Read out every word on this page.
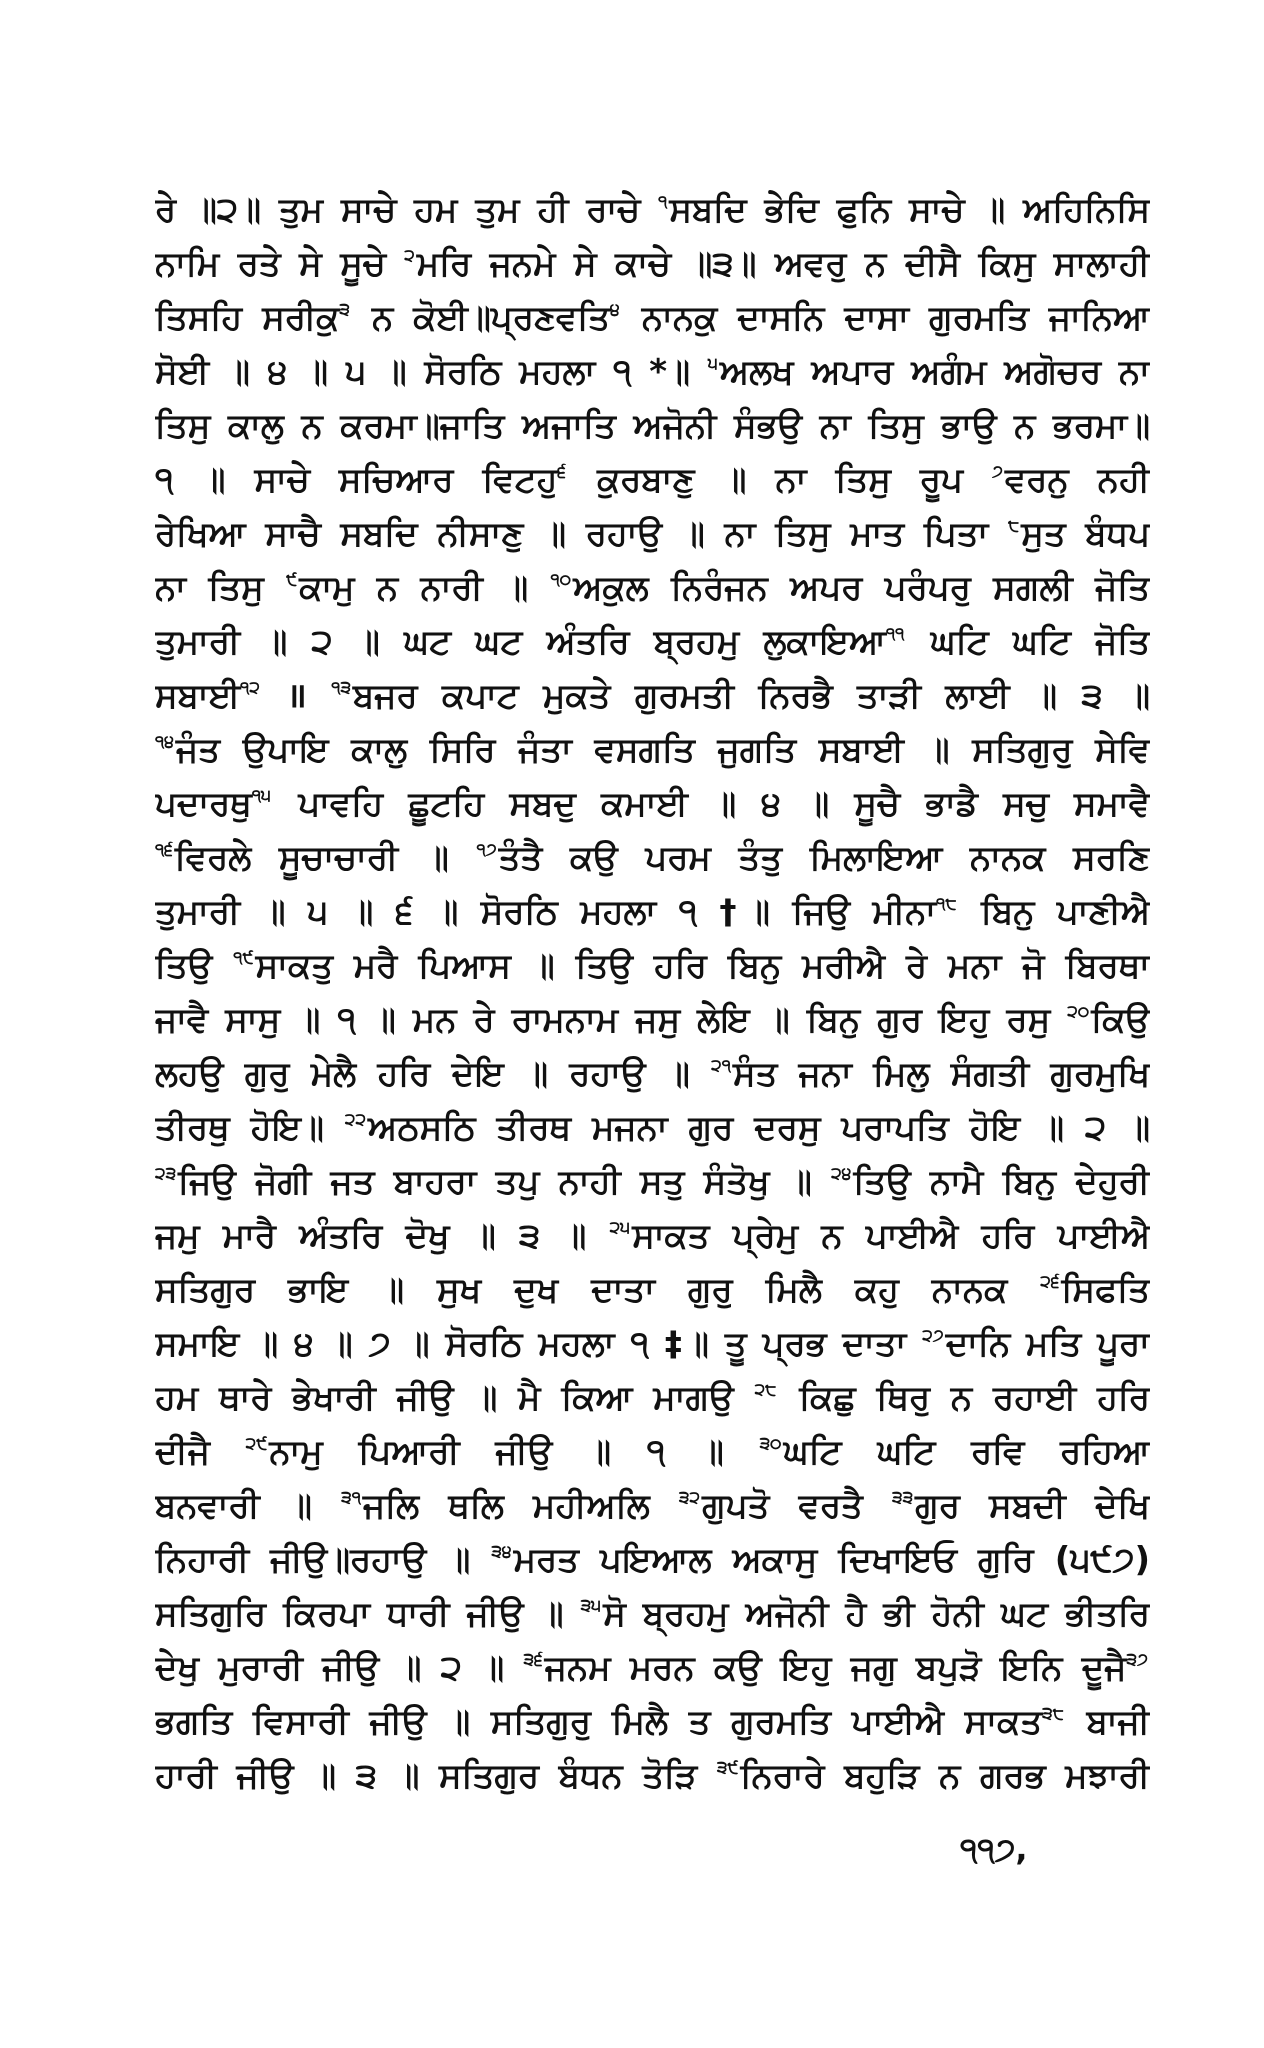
ਰੇ ॥੨॥ ਤੁਮ ਸਾਚੇ ਹਮ ਤੁਮ ਹੀ ਰਾਚੇ $^੧$ਸਬਦਿ ਭੇਦਿ ਫੁਨਿ ਸਾਚੇ ॥ ਅਹਿਨਿਸਿ
ਨਾਮਿ ਰਤੇ ਸੇ ਸੂਚੇ $^੨$ਮਰਿ ਜਨਮੇ ਸੇ ਕਾਚੇ ॥੩॥ ਅਵਰੁ ਨ ਦੀਸੈ ਕਿਸੁ ਸਾਲਾਹੀ
ਤਿਸਹਿ ਸਰੀਕੁ$^੩$ ਨ ਕੋਈ॥ਪ੍ਰਣਵਤਿ$^੪$ ਨਾਨਕੁ ਦਾਸਨਿ ਦਾਸਾ ਗੁਰਮਤਿ ਜਾਨਿਆ
ਸੋਈ ॥ ੪ ॥ ੫ ॥ ਸੋਰਠਿ ਮਹਲਾ ੧ *॥ $^੫$ਅਲਖ ਅਪਾਰ ਅਗੰਮ ਅਗੋਚਰ ਨਾ
ਤਿਸੁ ਕਾਲੁ ਨ ਕਰਮਾ॥ਜਾਤਿ ਅਜਾਤਿ ਅਜੋਨੀ ਸੰਭਉ ਨਾ ਤਿਸੁ ਭਾਉ ਨ ਭਰਮਾ॥
੧ ॥ ਸਾਚੇ ਸਚਿਆਰ ਵਿਟਹੁ$^੬$ ਕੁਰਬਾਣੁ ॥ ਨਾ ਤਿਸੁ ਰੂਪ $^੭$ਵਰਨੁ ਨਹੀ
ਰੇਖਿਆ ਸਾਚੈ ਸਬਦਿ ਨੀਸਾਣੁ ॥ ਰਹਾਉ ॥ ਨਾ ਤਿਸੁ ਮਾਤ ਪਿਤਾ $^੮$ਸੁਤ ਬੰਧਪ
ਨਾ ਤਿਸੁ $^੯$ਕਾਮੁ ਨ ਨਾਰੀ ॥ $^{੧੦}$ਅਕੁਲ ਨਿਰੰਜਨ ਅਪਰ ਪਰੰਪਰੁ ਸਗਲੀ ਜੋਤਿ
ਤੁਮਾਰੀ ॥ ੨ ॥ ਘਟ ਘਟ ਅੰਤਰਿ ਬ੍ਰਹਮੁ ਲੁਕਾਇਆ$^{੧੧}$ ਘਟਿ ਘਟਿ ਜੋਤਿ
ਸਬਾਈ$^{੧੨}$ ॥ $^{੧੩}$ਬਜਰ ਕਪਾਟ ਮੁਕਤੇ ਗੁਰਮਤੀ ਨਿਰਭੈ ਤਾੜੀ ਲਾਈ ॥ ੩ ॥
$^{੧੪}$ਜੰਤ ਉਪਾਇ ਕਾਲੁ ਸਿਰਿ ਜੰਤਾ ਵਸਗਤਿ ਜੁਗਤਿ ਸਬਾਈ ॥ ਸਤਿਗੁਰੁ ਸੇਵਿ
ਪਦਾਰਥੁ$^{੧੫}$ ਪਾਵਹਿ ਛੂਟਹਿ ਸਬਦੁ ਕਮਾਈ ॥ ੪ ॥ ਸੂਚੈ ਭਾਡੈ ਸਚੁ ਸਮਾਵੈ
$^{੧੬}$ਵਿਰਲੇ ਸੂਚਾਚਾਰੀ ॥ $^{੧੭}$ਤੰਤੈ ਕਉ ਪਰਮ ਤੰਤੁ ਮਿਲਾਇਆ ਨਾਨਕ ਸਰਣਿ
ਤੁਮਾਰੀ ॥ ੫ ॥ ੬ ॥ ਸੋਰਠਿ ਮਹਲਾ ੧ †॥ ਜਿਉ ਮੀਨਾ$^{੧੮}$ ਬਿਨੁ ਪਾਣੀਐ
ਤਿਉ $^{੧੯}$ਸਾਕਤੁ ਮਰੈ ਪਿਆਸ ॥ ਤਿਉ ਹਰਿ ਬਿਨੁ ਮਰੀਐ ਰੇ ਮਨਾ ਜੋ ਬਿਰਥਾ
ਜਾਵੈ ਸਾਸੁ ॥ ੧ ॥ ਮਨ ਰੇ ਰਾਮਨਾਮ ਜਸੁ ਲੇਇ ॥ ਬਿਨੁ ਗੁਰ ਇਹੁ ਰਸੁ $^{੨੦}$ਕਿਉ
ਲਹਉ ਗੁਰੁ ਮੇਲੈ ਹਰਿ ਦੇਇ ॥ ਰਹਾਉ ॥ $^{੨੧}$ਸੰਤ ਜਨਾ ਮਿਲੁ ਸੰਗਤੀ ਗੁਰਮੁਖਿ
ਤੀਰਥੁ ਹੋਇ॥ $^{੨੨}$ਅਠਸਠਿ ਤੀਰਥ ਮਜਨਾ ਗੁਰ ਦਰਸੁ ਪਰਾਪਤਿ ਹੋਇ ॥ ੨ ॥
$^{੨੩}$ਜਿਉ ਜੋਗੀ ਜਤ ਬਾਹਰਾ ਤਪੁ ਨਾਹੀ ਸਤੁ ਸੰਤੋਖੁ ॥ $^{੨੪}$ਤਿਉ ਨਾਮੈ ਬਿਨੁ ਦੇਹੁਰੀ
ਜਮੁ ਮਾਰੈ ਅੰਤਰਿ ਦੋਖੁ ॥ ੩ ॥ $^{੨੫}$ਸਾਕਤ ਪ੍ਰੇਮੁ ਨ ਪਾਈਐ ਹਰਿ ਪਾਈਐ
ਸਤਿਗੁਰ ਭਾਇ ॥ ਸੁਖ ਦੁਖ ਦਾਤਾ ਗੁਰੁ ਮਿਲੈ ਕਹੁ ਨਾਨਕ $^{੨੬}$ਸਿਫਤਿ
ਸਮਾਇ ॥ ੪ ॥ ੭ ॥ ਸੋਰਠਿ ਮਹਲਾ ੧ ‡॥ ਤੂ ਪ੍ਰਭ ਦਾਤਾ $^{੨੭}$ਦਾਨਿ ਮਤਿ ਪੂਰਾ
ਹਮ ਥਾਰੇ ਭੇਖਾਰੀ ਜੀਉ ॥ ਮੈ ਕਿਆ ਮਾਗਉ $^{੨੮}$ ਕਿਛੁ ਥਿਰੁ ਨ ਰਹਾਈ ਹਰਿ
ਦੀਜੈ $^{੨੯}$ਨਾਮੁ ਪਿਆਰੀ ਜੀਉ ॥ ੧ ॥ $^{੩੦}$ਘਟਿ ਘਟਿ ਰਵਿ ਰਹਿਆ
ਬਨਵਾਰੀ ॥ $^{੩੧}$ਜਲਿ ਥਲਿ ਮਹੀਅਲਿ $^{੩੨}$ਗੁਪਤੋ ਵਰਤੈ $^{੩੩}$ਗੁਰ ਸਬਦੀ ਦੇਖਿ
ਨਿਹਾਰੀ ਜੀਉ॥ਰਹਾਉ ॥ $^{੩੪}$ਮਰਤ ਪਇਆਲ ਅਕਾਸੁ ਦਿਖਾਇਓ ਗੁਰਿ (੫੯੭)
ਸਤਿਗੁਰਿ ਕਿਰਪਾ ਧਾਰੀ ਜੀਉ ॥ $^{੩੫}$ਸੋ ਬ੍ਰਹਮੁ ਅਜੋਨੀ ਹੈ ਭੀ ਹੋਨੀ ਘਟ ਭੀਤਰਿ
ਦੇਖੁ ਮੁਰਾਰੀ ਜੀਉ ॥ ੨ ॥ $^{੩੬}$ਜਨਮ ਮਰਨ ਕਉ ਇਹੁ ਜਗੁ ਬਪੁੜੋ ਇਨਿ ਦੂਜੈ$^{੩੭}$
ਭਗਤਿ ਵਿਸਾਰੀ ਜੀਉ ॥ ਸਤਿਗੁਰੁ ਮਿਲੈ ਤ ਗੁਰਮਤਿ ਪਾਈਐ ਸਾਕਤ$^{੩੮}$ ਬਾਜੀ
ਹਾਰੀ ਜੀਉ ॥ ੩ ॥ ਸਤਿਗੁਰ ਬੰਧਨ ਤੋੜਿ $^{੩੯}$ਨਿਰਾਰੇ ਬਹੁੜਿ ਨ ਗਰਭ ਮਝਾਰੀ
੧੧੭,
